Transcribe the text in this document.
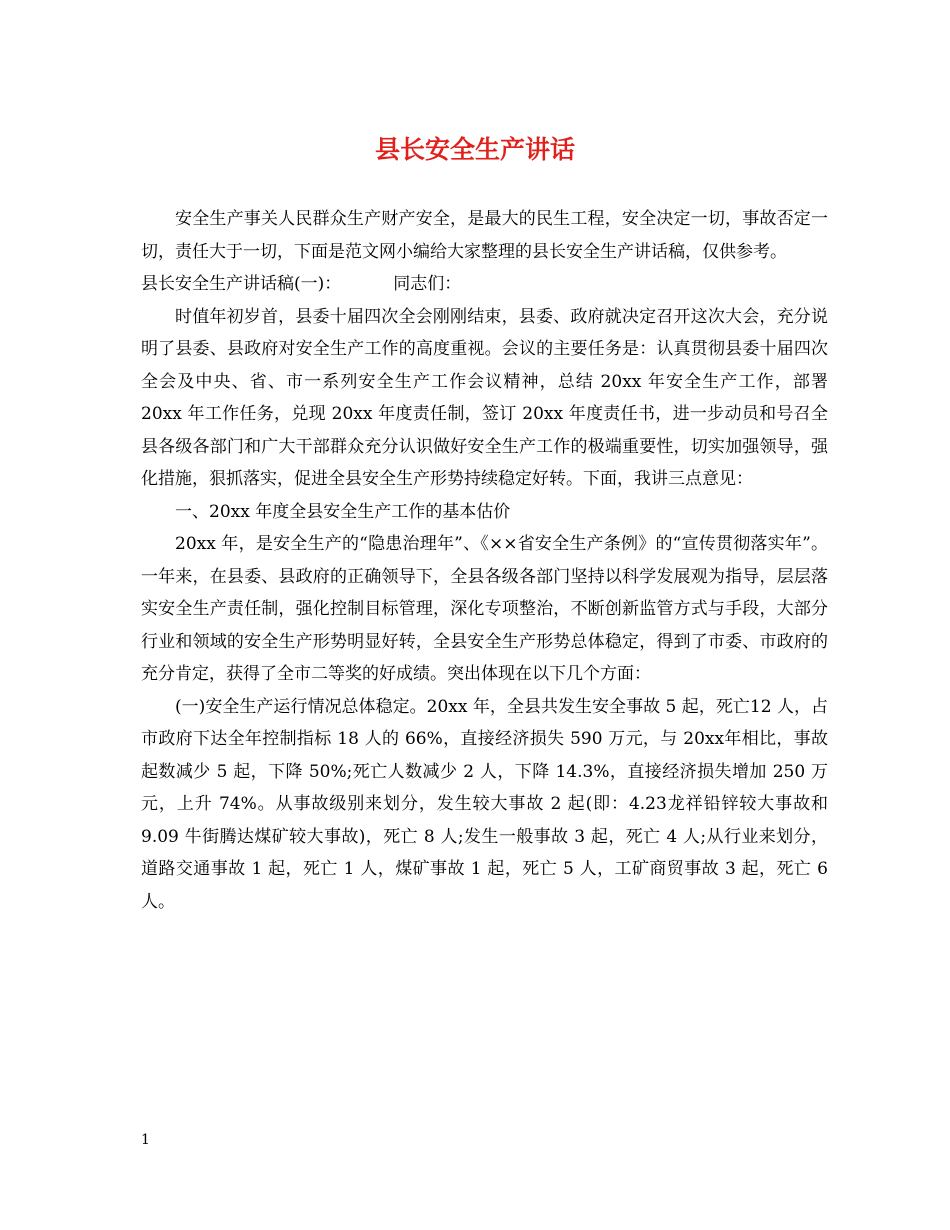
县长安全生产讲话

安全生产事关人民群众生产财产安全，是最大的民生工程，安全决定一切，事故否定一切，责任大于一切，下面是范文网小编给大家整理的县长安全生产讲话稿，仅供参考。

县长安全生产讲话稿(一)：	同志们：

时值年初岁首，县委十届四次全会刚刚结束，县委、政府就决定召开这次大会，充分说明了县委、县政府对安全生产工作的高度重视。会议的主要任务是：认真贯彻县委十届四次全会及中央、省、市一系列安全生产工作会议精神，总结 20xx 年安全生产工作，部署 20xx 年工作任务，兑现 20xx 年度责任制，签订 20xx 年度责任书，进一步动员和号召全县各级各部门和广大干部群众充分认识做好安全生产工作的极端重要性，切实加强领导，强化措施，狠抓落实，促进全县安全生产形势持续稳定好转。下面，我讲三点意见：

一、20xx 年度全县安全生产工作的基本估价

20xx 年，是安全生产的“隐患治理年”、《××省安全生产条例》的“宣传贯彻落实年”。一年来，在县委、县政府的正确领导下，全县各级各部门坚持以科学发展观为指导，层层落实安全生产责任制，强化控制目标管理，深化专项整治，不断创新监管方式与手段，大部分行业和领域的安全生产形势明显好转，全县安全生产形势总体稳定，得到了市委、市政府的充分肯定，获得了全市二等奖的好成绩。突出体现在以下几个方面：

(一)安全生产运行情况总体稳定。20xx 年，全县共发生安全事故 5 起，死亡12 人，占市政府下达全年控制指标 18 人的 66%，直接经济损失 590 万元，与 20xx年相比，事故起数减少 5 起，下降 50%;死亡人数减少 2 人，下降 14.3%，直接经济损失增加 250 万元，上升 74%。从事故级别来划分，发生较大事故 2 起(即：4.23龙祥铅锌较大事故和 9.09 牛街腾达煤矿较大事故)，死亡 8 人;发生一般事故 3 起，死亡 4 人;从行业来划分，道路交通事故 1 起，死亡 1 人，煤矿事故 1 起，死亡 5 人，工矿商贸事故 3 起，死亡 6 人。

1
